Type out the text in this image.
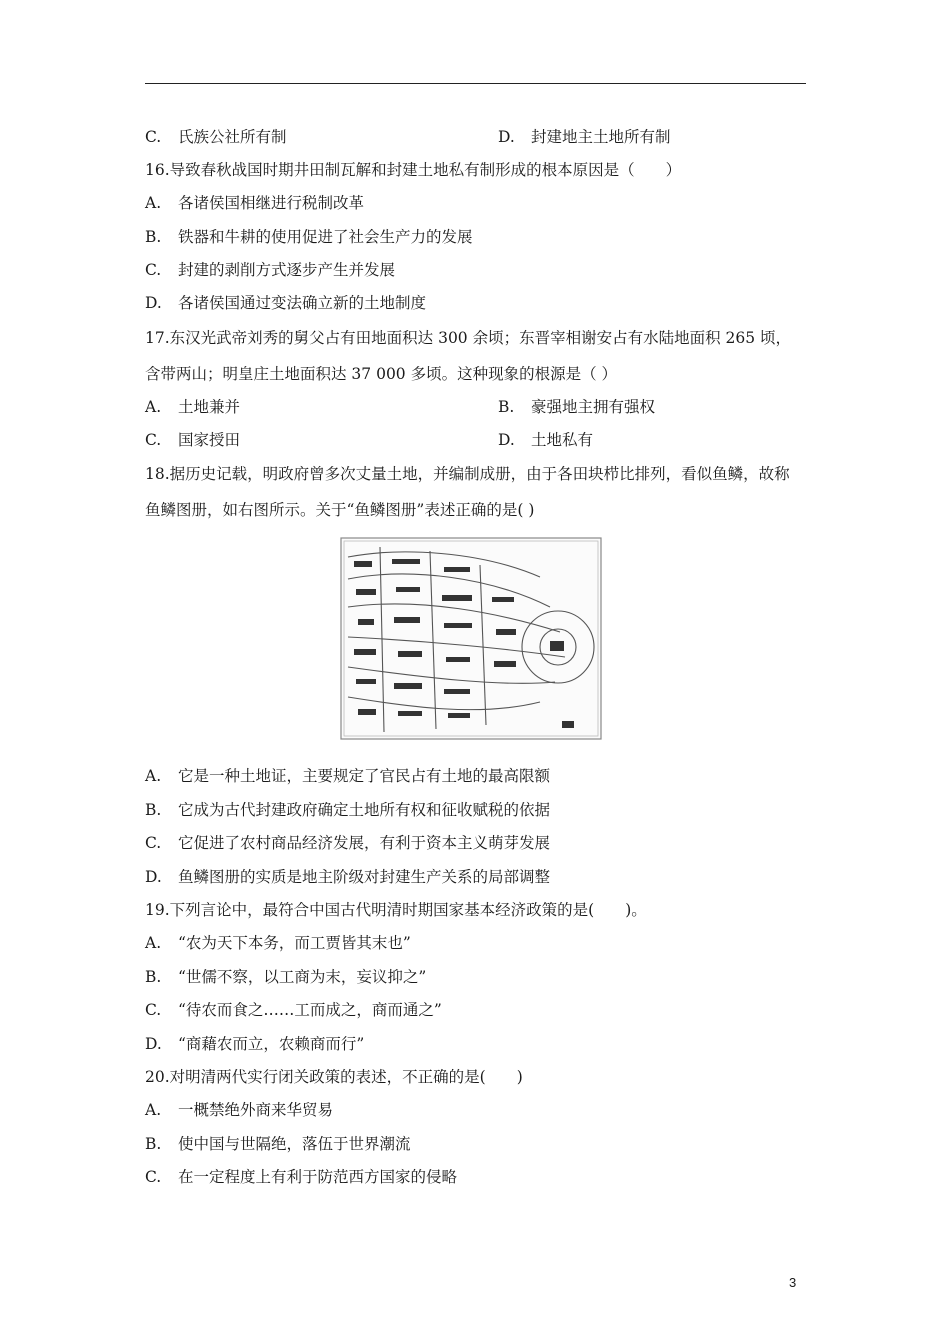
C. 氏族公社所有制	D. 封建地主土地所有制
16.导致春秋战国时期井田制瓦解和封建土地私有制形成的根本原因是（　　）
A. 各诸侯国相继进行税制改革
B. 铁器和牛耕的使用促进了社会生产力的发展
C. 封建的剥削方式逐步产生并发展
D. 各诸侯国通过变法确立新的土地制度
17.东汉光武帝刘秀的舅父占有田地面积达 300 余顷；东晋宰相谢安占有水陆地面积 265 顷，
含带两山；明皇庄土地面积达 37 000 多顷。这种现象的根源是（ ）
A. 土地兼并	B. 豪强地主拥有强权
C. 国家授田	D. 土地私有
18.据历史记载，明政府曾多次丈量土地，并编制成册，由于各田块栉比排列，看似鱼鳞，故称
鱼鳞图册，如右图所示。关于“鱼鳞图册”表述正确的是( )
A. 它是一种土地证，主要规定了官民占有土地的最高限额
B. 它成为古代封建政府确定土地所有权和征收赋税的依据
C. 它促进了农村商品经济发展，有利于资本主义萌芽发展
D. 鱼鳞图册的实质是地主阶级对封建生产关系的局部调整
19.下列言论中，最符合中国古代明清时期国家基本经济政策的是(　　)。
A. “农为天下本务，而工贾皆其末也”
B. “世儒不察，以工商为末，妄议抑之”
C. “待农而食之……工而成之，商而通之”
D. “商藉农而立，农赖商而行”
20.对明清两代实行闭关政策的表述，不正确的是(　　)
A. 一概禁绝外商来华贸易
B. 使中国与世隔绝，落伍于世界潮流
C. 在一定程度上有利于防范西方国家的侵略
3
